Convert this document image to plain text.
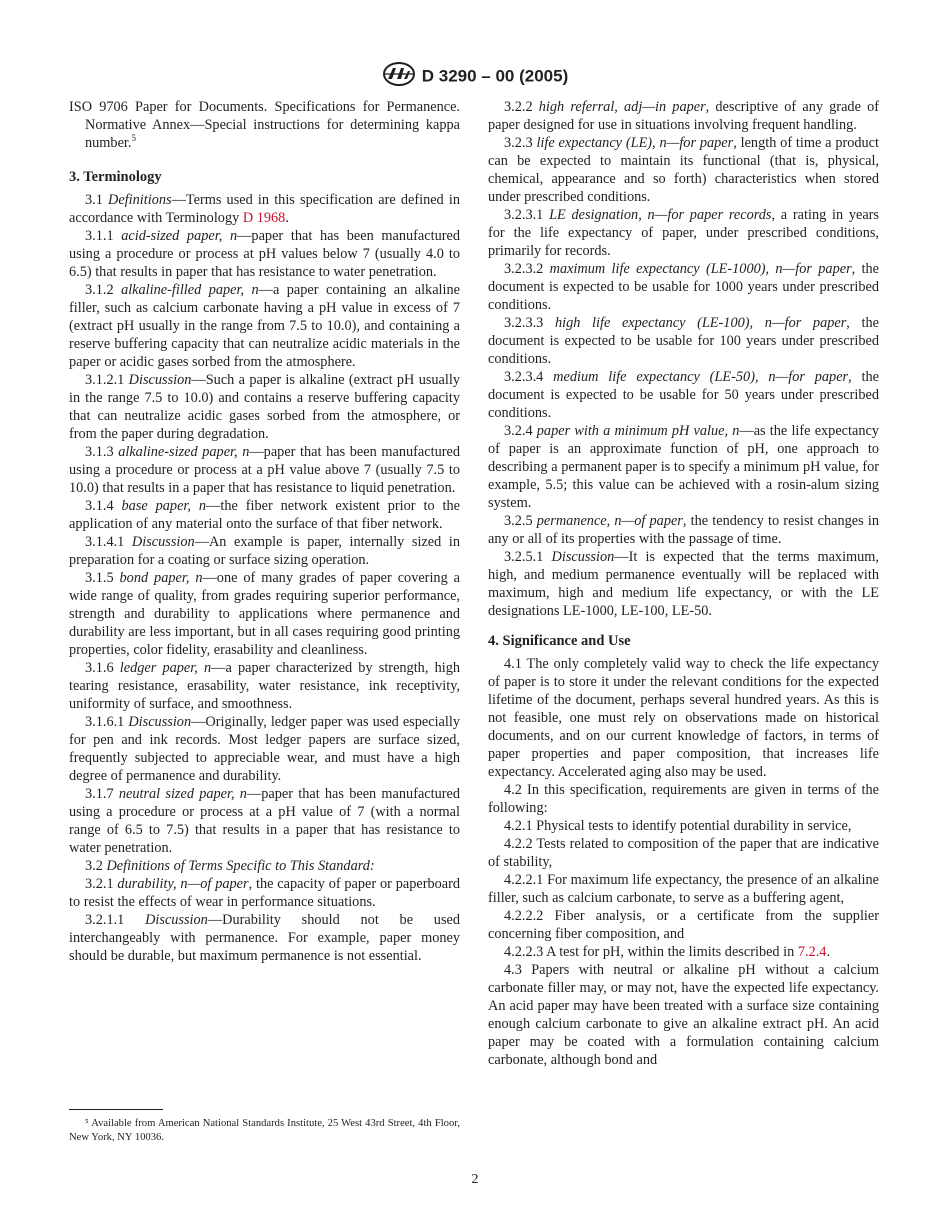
D 3290 – 00 (2005)

ISO 9706 Paper for Documents. Specifications for Permanence. Normative Annex—Special instructions for determining kappa number.$^5$

3. Terminology

3.1 Definitions—Terms used in this specification are defined in accordance with Terminology D 1968.

3.1.1 acid-sized paper, n—paper that has been manufactured using a procedure or process at pH values below 7 (usually 4.0 to 6.5) that results in paper that has resistance to water penetration.

3.1.2 alkaline-filled paper, n—a paper containing an alkaline filler, such as calcium carbonate having a pH value in excess of 7 (extract pH usually in the range from 7.5 to 10.0), and containing a reserve buffering capacity that can neutralize acidic materials in the paper or acidic gases sorbed from the atmosphere.

3.1.2.1 Discussion—Such a paper is alkaline (extract pH usually in the range 7.5 to 10.0) and contains a reserve buffering capacity that can neutralize acidic gases sorbed from the atmosphere, or from the paper during degradation.

3.1.3 alkaline-sized paper, n—paper that has been manufactured using a procedure or process at a pH value above 7 (usually 7.5 to 10.0) that results in a paper that has resistance to liquid penetration.

3.1.4 base paper, n—the fiber network existent prior to the application of any material onto the surface of that fiber network.

3.1.4.1 Discussion—An example is paper, internally sized in preparation for a coating or surface sizing operation.

3.1.5 bond paper, n—one of many grades of paper covering a wide range of quality, from grades requiring superior performance, strength and durability to applications where permanence and durability are less important, but in all cases requiring good printing properties, color fidelity, erasability and cleanliness.

3.1.6 ledger paper, n—a paper characterized by strength, high tearing resistance, erasability, water resistance, ink receptivity, uniformity of surface, and smoothness.

3.1.6.1 Discussion—Originally, ledger paper was used especially for pen and ink records. Most ledger papers are surface sized, frequently subjected to appreciable wear, and must have a high degree of permanence and durability.

3.1.7 neutral sized paper, n—paper that has been manufactured using a procedure or process at a pH value of 7 (with a normal range of 6.5 to 7.5) that results in a paper that has resistance to water penetration.

3.2 Definitions of Terms Specific to This Standard:

3.2.1 durability, n—of paper, the capacity of paper or paperboard to resist the effects of wear in performance situations.

3.2.1.1 Discussion—Durability should not be used interchangeably with permanence. For example, paper money should be durable, but maximum permanence is not essential.

3.2.2 high referral, adj—in paper, descriptive of any grade of paper designed for use in situations involving frequent handling.

3.2.3 life expectancy (LE), n—for paper, length of time a product can be expected to maintain its functional (that is, physical, chemical, appearance and so forth) characteristics when stored under prescribed conditions.

3.2.3.1 LE designation, n—for paper records, a rating in years for the life expectancy of paper, under prescribed conditions, primarily for records.

3.2.3.2 maximum life expectancy (LE-1000), n—for paper, the document is expected to be usable for 1000 years under prescribed conditions.

3.2.3.3 high life expectancy (LE-100), n—for paper, the document is expected to be usable for 100 years under prescribed conditions.

3.2.3.4 medium life expectancy (LE-50), n—for paper, the document is expected to be usable for 50 years under prescribed conditions.

3.2.4 paper with a minimum pH value, n—as the life expectancy of paper is an approximate function of pH, one approach to describing a permanent paper is to specify a minimum pH value, for example, 5.5; this value can be achieved with a rosin-alum sizing system.

3.2.5 permanence, n—of paper, the tendency to resist changes in any or all of its properties with the passage of time.

3.2.5.1 Discussion—It is expected that the terms maximum, high, and medium permanence eventually will be replaced with maximum, high and medium life expectancy, or with the LE designations LE-1000, LE-100, LE-50.

4. Significance and Use

4.1 The only completely valid way to check the life expectancy of paper is to store it under the relevant conditions for the expected lifetime of the document, perhaps several hundred years. As this is not feasible, one must rely on observations made on historical documents, and on our current knowledge of factors, in terms of paper properties and paper composition, that increases life expectancy. Accelerated aging also may be used.

4.2 In this specification, requirements are given in terms of the following:

4.2.1 Physical tests to identify potential durability in service,

4.2.2 Tests related to composition of the paper that are indicative of stability,

4.2.2.1 For maximum life expectancy, the presence of an alkaline filler, such as calcium carbonate, to serve as a buffering agent,

4.2.2.2 Fiber analysis, or a certificate from the supplier concerning fiber composition, and

4.2.2.3 A test for pH, within the limits described in 7.2.4.

4.3 Papers with neutral or alkaline pH without a calcium carbonate filler may, or may not, have the expected life expectancy. An acid paper may have been treated with a surface size containing enough calcium carbonate to give an alkaline extract pH. An acid paper may be coated with a formulation containing calcium carbonate, although bond and

⁵ Available from American National Standards Institute, 25 West 43rd Street, 4th Floor, New York, NY 10036.

2
